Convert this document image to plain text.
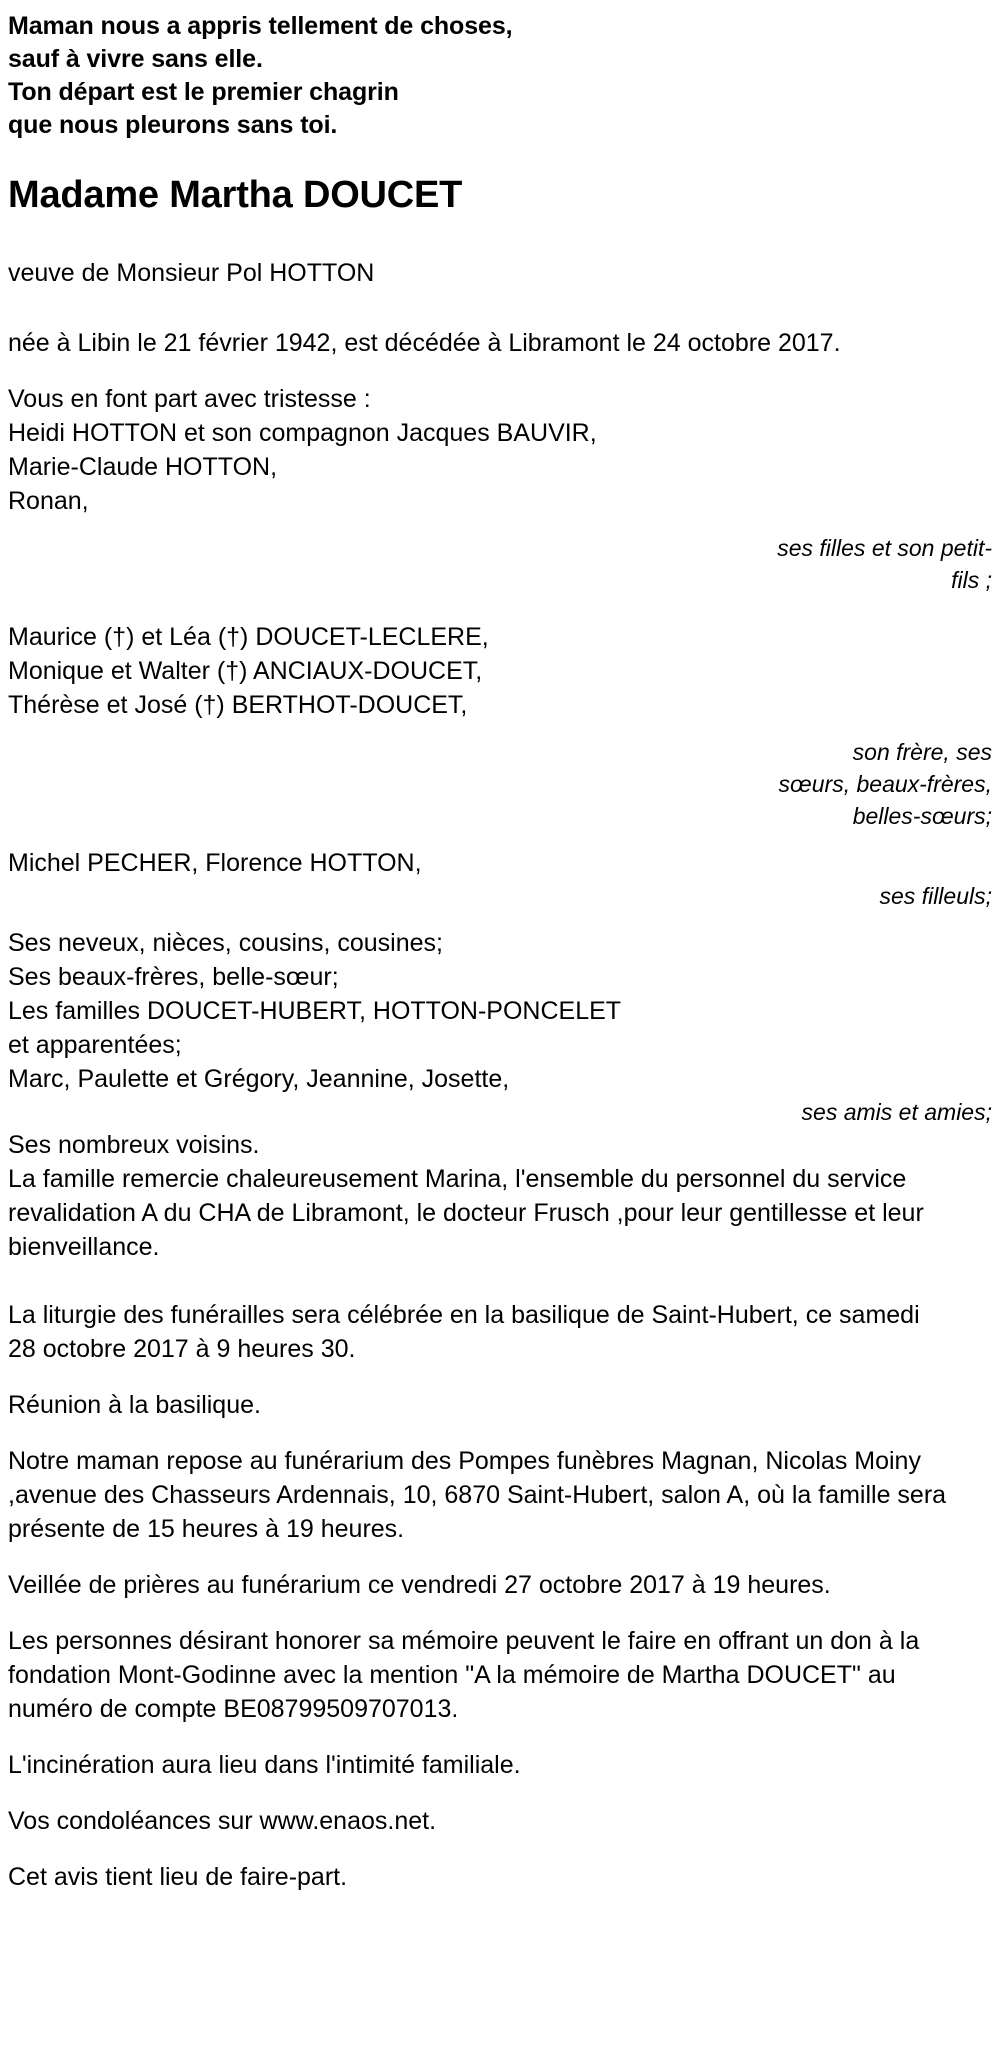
Maman nous a appris tellement de choses,
sauf à vivre sans elle.
Ton départ est le premier chagrin
que nous pleurons sans toi.
Madame Martha DOUCET
veuve de Monsieur Pol HOTTON
née à Libin le 21 février 1942, est décédée à Libramont le 24 octobre 2017.
Vous en font part avec tristesse :
Heidi HOTTON et son compagnon Jacques BAUVIR,
Marie-Claude HOTTON,
Ronan,
ses filles et son petit-fils ;
Maurice (†) et Léa (†) DOUCET-LECLERE,
Monique et Walter (†) ANCIAUX-DOUCET,
Thérèse et José (†) BERTHOT-DOUCET,
son frère, ses sœurs, beaux-frères, belles-sœurs;
Michel PECHER, Florence HOTTON,
ses filleuls;
Ses neveux, nièces, cousins, cousines;
Ses beaux-frères, belle-sœur;
Les familles DOUCET-HUBERT, HOTTON-PONCELET
et apparentées;
Marc, Paulette et Grégory, Jeannine, Josette,
ses amis et amies;
Ses nombreux voisins.
La famille remercie chaleureusement Marina, l'ensemble du personnel du service revalidation A du CHA de Libramont, le docteur Frusch ,pour leur gentillesse et leur bienveillance.
La liturgie des funérailles sera célébrée en la basilique de Saint-Hubert, ce samedi 28 octobre 2017 à 9 heures 30.
Réunion à la basilique.
Notre maman repose au funérarium des Pompes funèbres Magnan, Nicolas Moiny ,avenue des Chasseurs Ardennais, 10, 6870 Saint-Hubert, salon A, où la famille sera présente de 15 heures à 19 heures.
Veillée de prières au funérarium ce vendredi 27 octobre 2017 à 19 heures.
Les personnes désirant honorer sa mémoire peuvent le faire en offrant un don à la fondation Mont-Godinne avec la mention "A la mémoire de Martha DOUCET" au numéro de compte BE08799509707013.
L'incinération aura lieu dans l'intimité familiale.
Vos condoléances sur www.enaos.net.
Cet avis tient lieu de faire-part.
